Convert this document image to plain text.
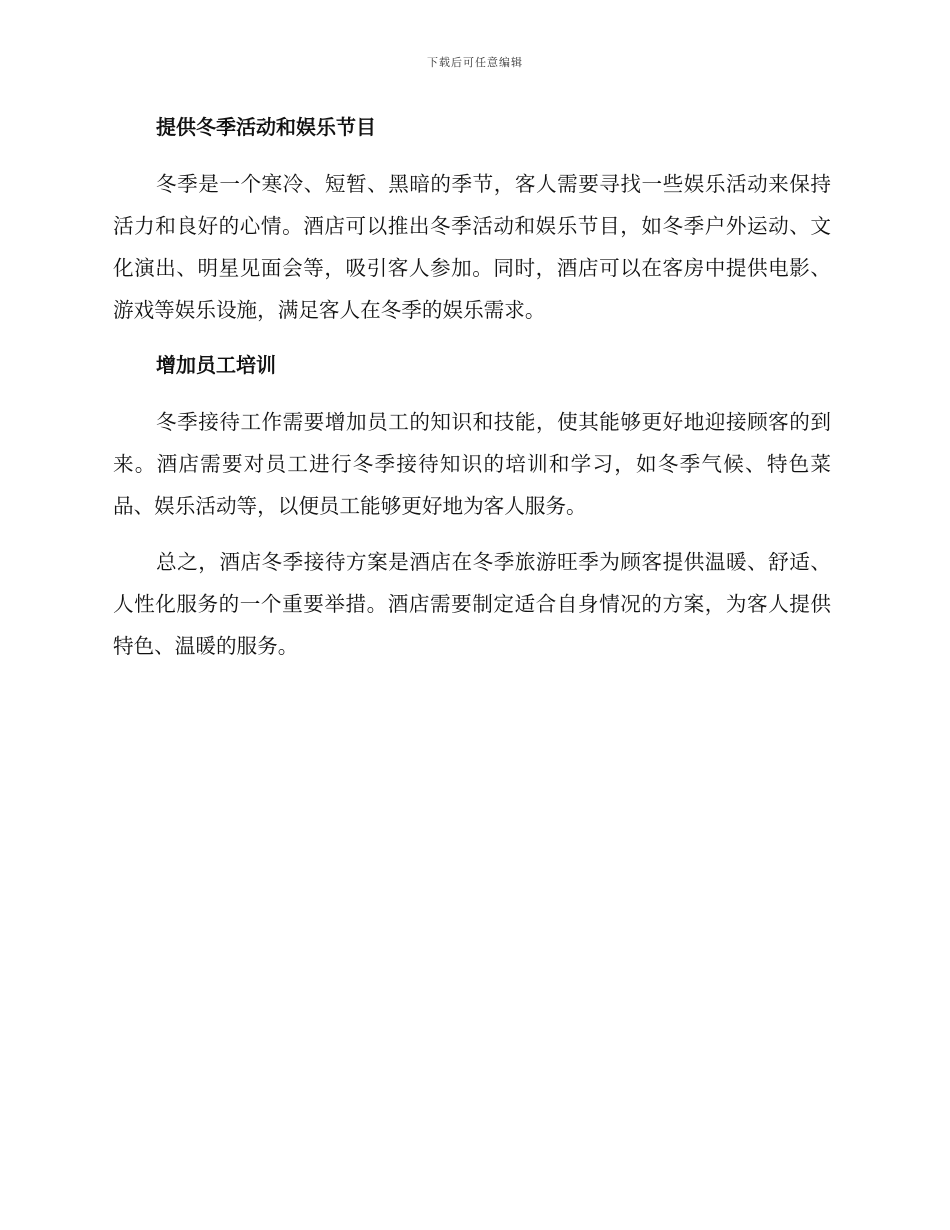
下载后可任意编辑
提供冬季活动和娱乐节目

冬季是一个寒冷、短暂、黑暗的季节，客人需要寻找一些娱乐活动来保持活力和良好的心情。酒店可以推出冬季活动和娱乐节目，如冬季户外运动、文化演出、明星见面会等，吸引客人参加。同时，酒店可以在客房中提供电影、游戏等娱乐设施，满足客人在冬季的娱乐需求。

增加员工培训

冬季接待工作需要增加员工的知识和技能，使其能够更好地迎接顾客的到来。酒店需要对员工进行冬季接待知识的培训和学习，如冬季气候、特色菜品、娱乐活动等，以便员工能够更好地为客人服务。

总之，酒店冬季接待方案是酒店在冬季旅游旺季为顾客提供温暖、舒适、人性化服务的一个重要举措。酒店需要制定适合自身情况的方案，为客人提供特色、温暖的服务。
